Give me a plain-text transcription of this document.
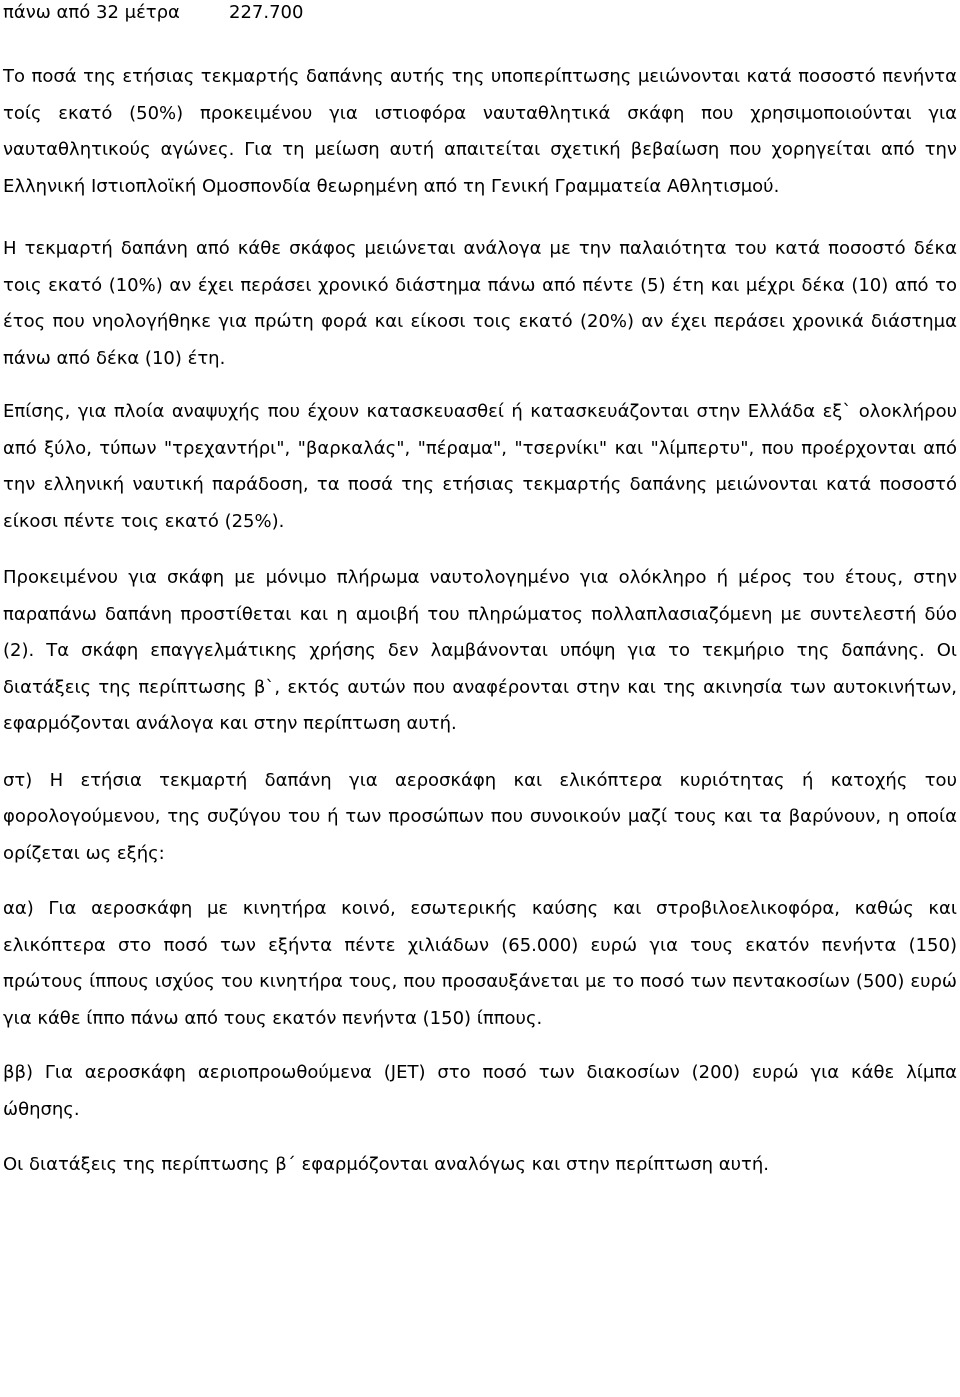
πάνω από 32 μέτρα	227.700

Το ποσά της ετήσιας τεκμαρτής δαπάνης αυτής της υποπερίπτωσης μειώνονται κατά ποσοστό πενήντα τοίς εκατό (50%) προκειμένου για ιστιοφόρα ναυταθλητικά σκάφη που χρησιμοποιούνται για ναυταθλητικούς αγώνες. Για τη μείωση αυτή απαιτείται σχετική βεβαίωση που χορηγείται από την Ελληνική Ιστιοπλοϊκή Ομοσπονδία θεωρημένη από τη Γενική Γραμματεία Αθλητισμού.

Η τεκμαρτή δαπάνη από κάθε σκάφος μειώνεται ανάλογα με την παλαιότητα του κατά ποσοστό δέκα τοις εκατό (10%) αν έχει περάσει χρονικό διάστημα πάνω από πέντε (5) έτη και μέχρι δέκα (10) από το έτος που νηολογήθηκε για πρώτη φορά και είκοσι τοις εκατό (20%) αν έχει περάσει χρονικά διάστημα πάνω από δέκα (10) έτη.

Επίσης, για πλοία αναψυχής που έχουν κατασκευασθεί ή κατασκευάζονται στην Ελλάδα εξ` ολοκλήρου από ξύλο, τύπων "τρεχαντήρι", "βαρκαλάς", "πέραμα", "τσερνίκι" και "λίμπερτυ", που προέρχονται από την ελληνική ναυτική παράδοση, τα ποσά της ετήσιας τεκμαρτής δαπάνης μειώνονται κατά ποσοστό είκοσι πέντε τοις εκατό (25%).

Προκειμένου για σκάφη με μόνιμο πλήρωμα ναυτολογημένο για ολόκληρο ή μέρος του έτους, στην παραπάνω δαπάνη προστίθεται και η αμοιβή του πληρώματος πολλαπλασιαζόμενη με συντελεστή δύο (2). Τα σκάφη επαγγελμάτικης χρήσης δεν λαμβάνονται υπόψη για το τεκμήριο της δαπάνης. Οι διατάξεις της περίπτωσης β`, εκτός αυτών που αναφέρονται στην και της ακινησία των αυτοκινήτων, εφαρμόζονται ανάλογα και στην περίπτωση αυτή.

στ) Η ετήσια τεκμαρτή δαπάνη για αεροσκάφη και ελικόπτερα κυριότητας ή κατοχής του φορολογούμενου, της συζύγου του ή των προσώπων που συνοικούν μαζί τους και τα βαρύνουν, η οποία ορίζεται ως εξής:

αα) Για αεροσκάφη με κινητήρα κοινό, εσωτερικής καύσης και στροβιλοελικοφόρα, καθώς και ελικόπτερα στο ποσό των εξήντα πέντε χιλιάδων (65.000) ευρώ για τους εκατόν πενήντα (150) πρώτους ίππους ισχύος του κινητήρα τους, που προσαυξάνεται με το ποσό των πεντακοσίων (500) ευρώ για κάθε ίππο πάνω από τους εκατόν πενήντα (150) ίππους.

ββ) Για αεροσκάφη αεριοπροωθούμενα (JET) στο ποσό των διακοσίων (200) ευρώ για κάθε λίμπα ώθησης.

Οι διατάξεις της περίπτωσης β΄ εφαρμόζονται αναλόγως και στην περίπτωση αυτή.
